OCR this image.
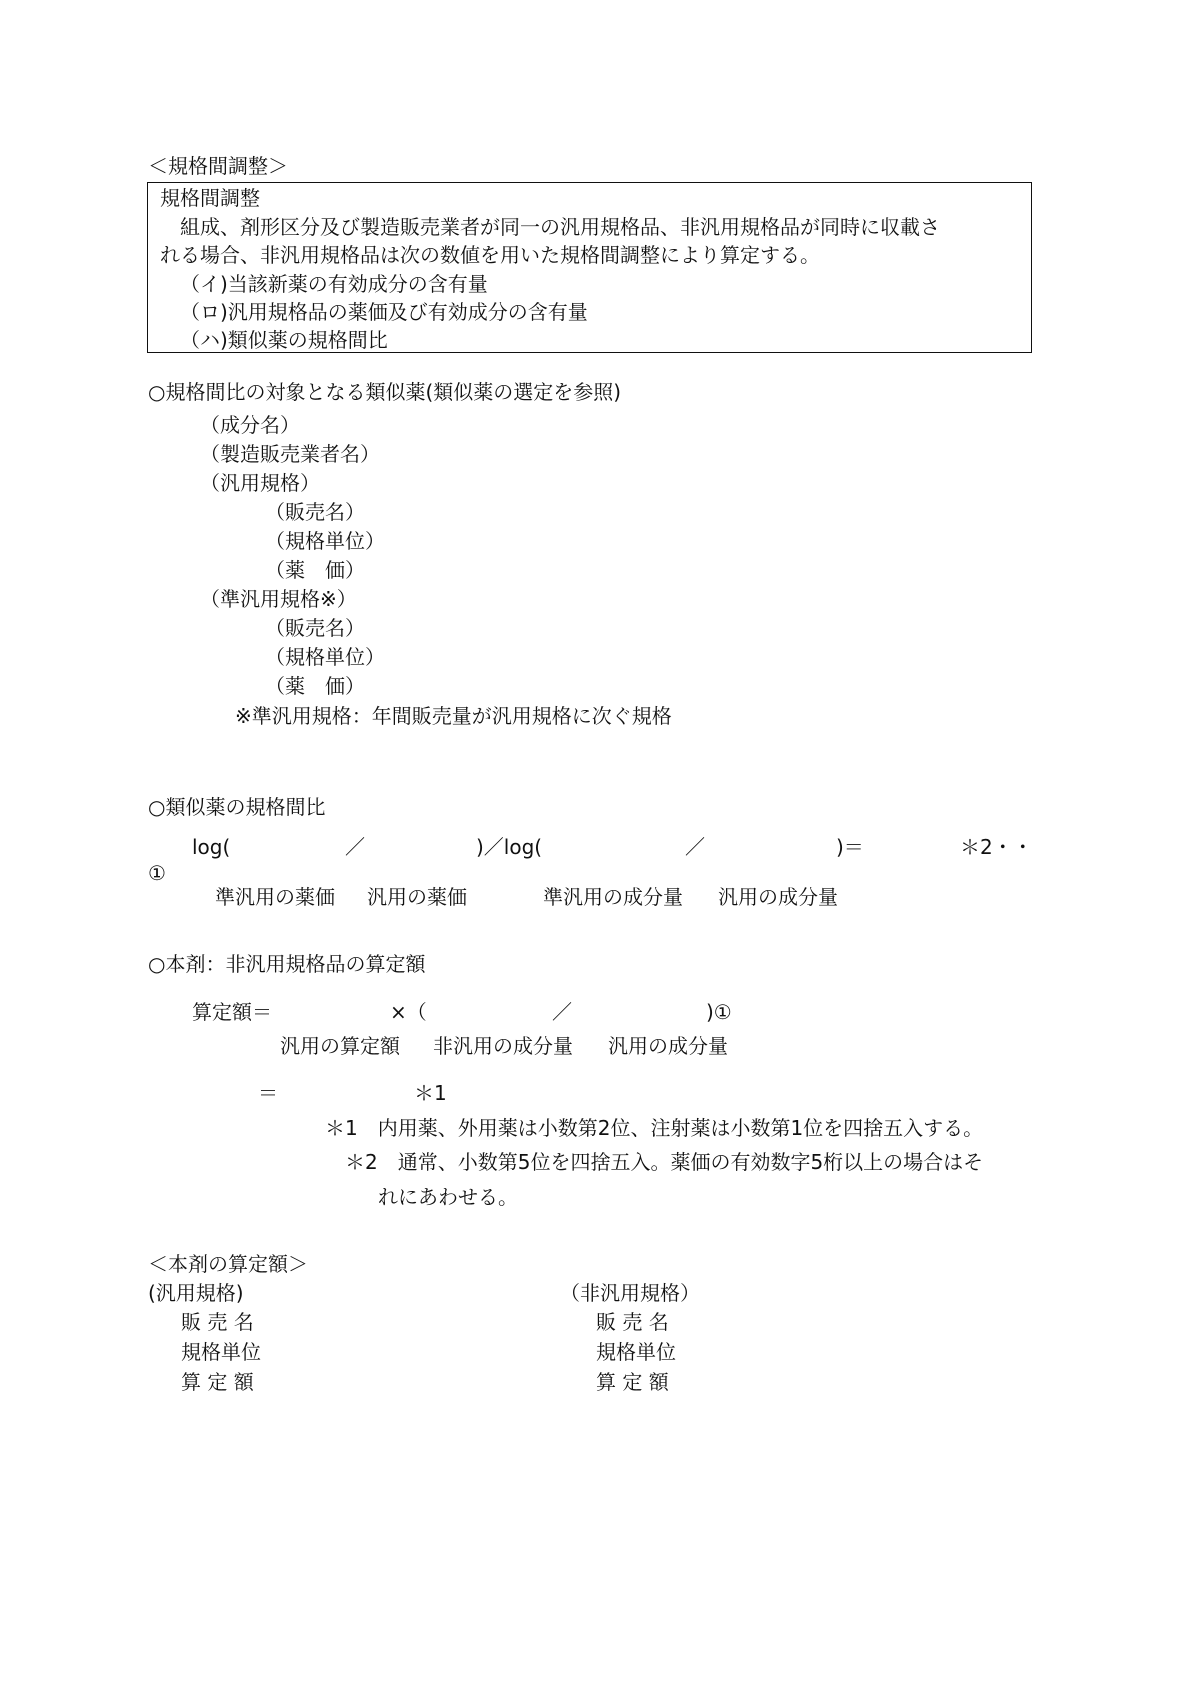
＜規格間調整＞
規格間調整
　組成、剤形区分及び製造販売業者が同一の汎用規格品、非汎用規格品が同時に収載さ
れる場合、非汎用規格品は次の数値を用いた規格間調整により算定する。
（イ)当該新薬の有効成分の含有量
（ロ)汎用規格品の薬価及び有効成分の含有量
（ハ)類似薬の規格間比
○規格間比の対象となる類似薬(類似薬の選定を参照)
（成分名）
（製造販売業者名）
（汎用規格）
（販売名）
（規格単位）
（薬　価）
（準汎用規格※）
（販売名）
（規格単位）
（薬　価）
※準汎用規格：年間販売量が汎用規格に次ぐ規格
○類似薬の規格間比
log(	／	)／log(	／	)＝	＊2・・
①
準汎用の薬価 汎用の薬価	準汎用の成分量 汎用の成分量
○本剤：非汎用規格品の算定額
算定額＝	×（	／	)①
汎用の算定額 非汎用の成分量 汎用の成分量
＝	＊1
＊1　内用薬、外用薬は小数第2位、注射薬は小数第1位を四捨五入する。
＊2　通常、小数第5位を四捨五入。薬価の有効数字5桁以上の場合はそ
れにあわせる。
＜本剤の算定額＞
(汎用規格)	（非汎用規格）
販 売 名	販 売 名
規格単位	規格単位
算 定 額	算 定 額
